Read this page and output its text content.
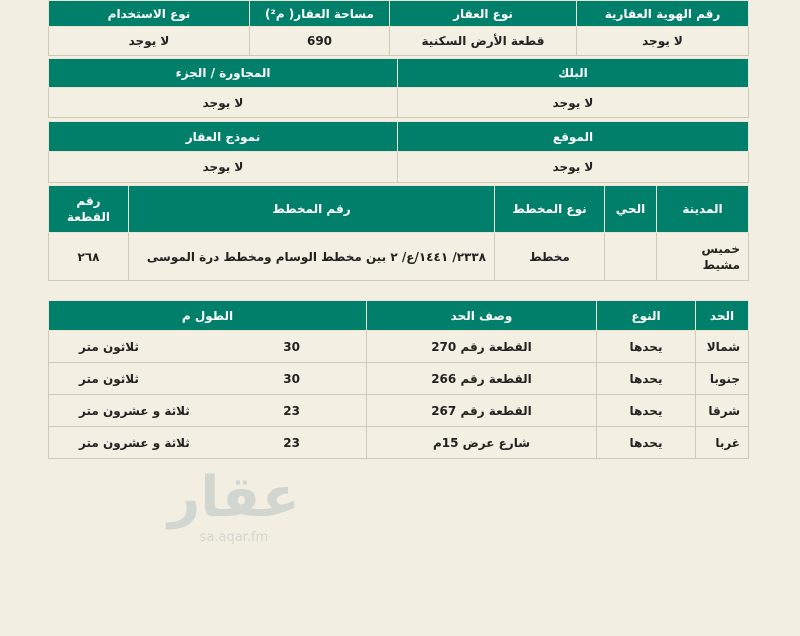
رقم الهوية العقارية	نوع العقار	مساحة العقار( م²)	نوع الاستخدام
لا يوجد	قطعة الأرض السكنية	690	لا يوجد
البلك	المجاورة / الجزء
لا يوجد	لا يوجد
الموقع	نموذج العقار
لا يوجد	لا يوجد
المدينة	الحي	نوع المخطط	رقم المخطط	رقم القطعة
خميس مشيط		مخطط	٢٣٣٨/ ١٤٤١/ع/ ٢ بين مخطط الوسام ومخطط درة الموسى	٢٦٨
الحد	النوع	وصف الحد	الطول م
شمالا	يحدها	القطعة رقم 270	30
ثلاثون متر

جنوبا	يحدها	القطعة رقم 266	30
ثلاثون متر

شرقا	يحدها	القطعة رقم 267	23
ثلاثة و عشرون متر

غربا	يحدها	شارع عرض 15م	23
ثلاثة و عشرون متر
عقار
sa.aqar.fm
